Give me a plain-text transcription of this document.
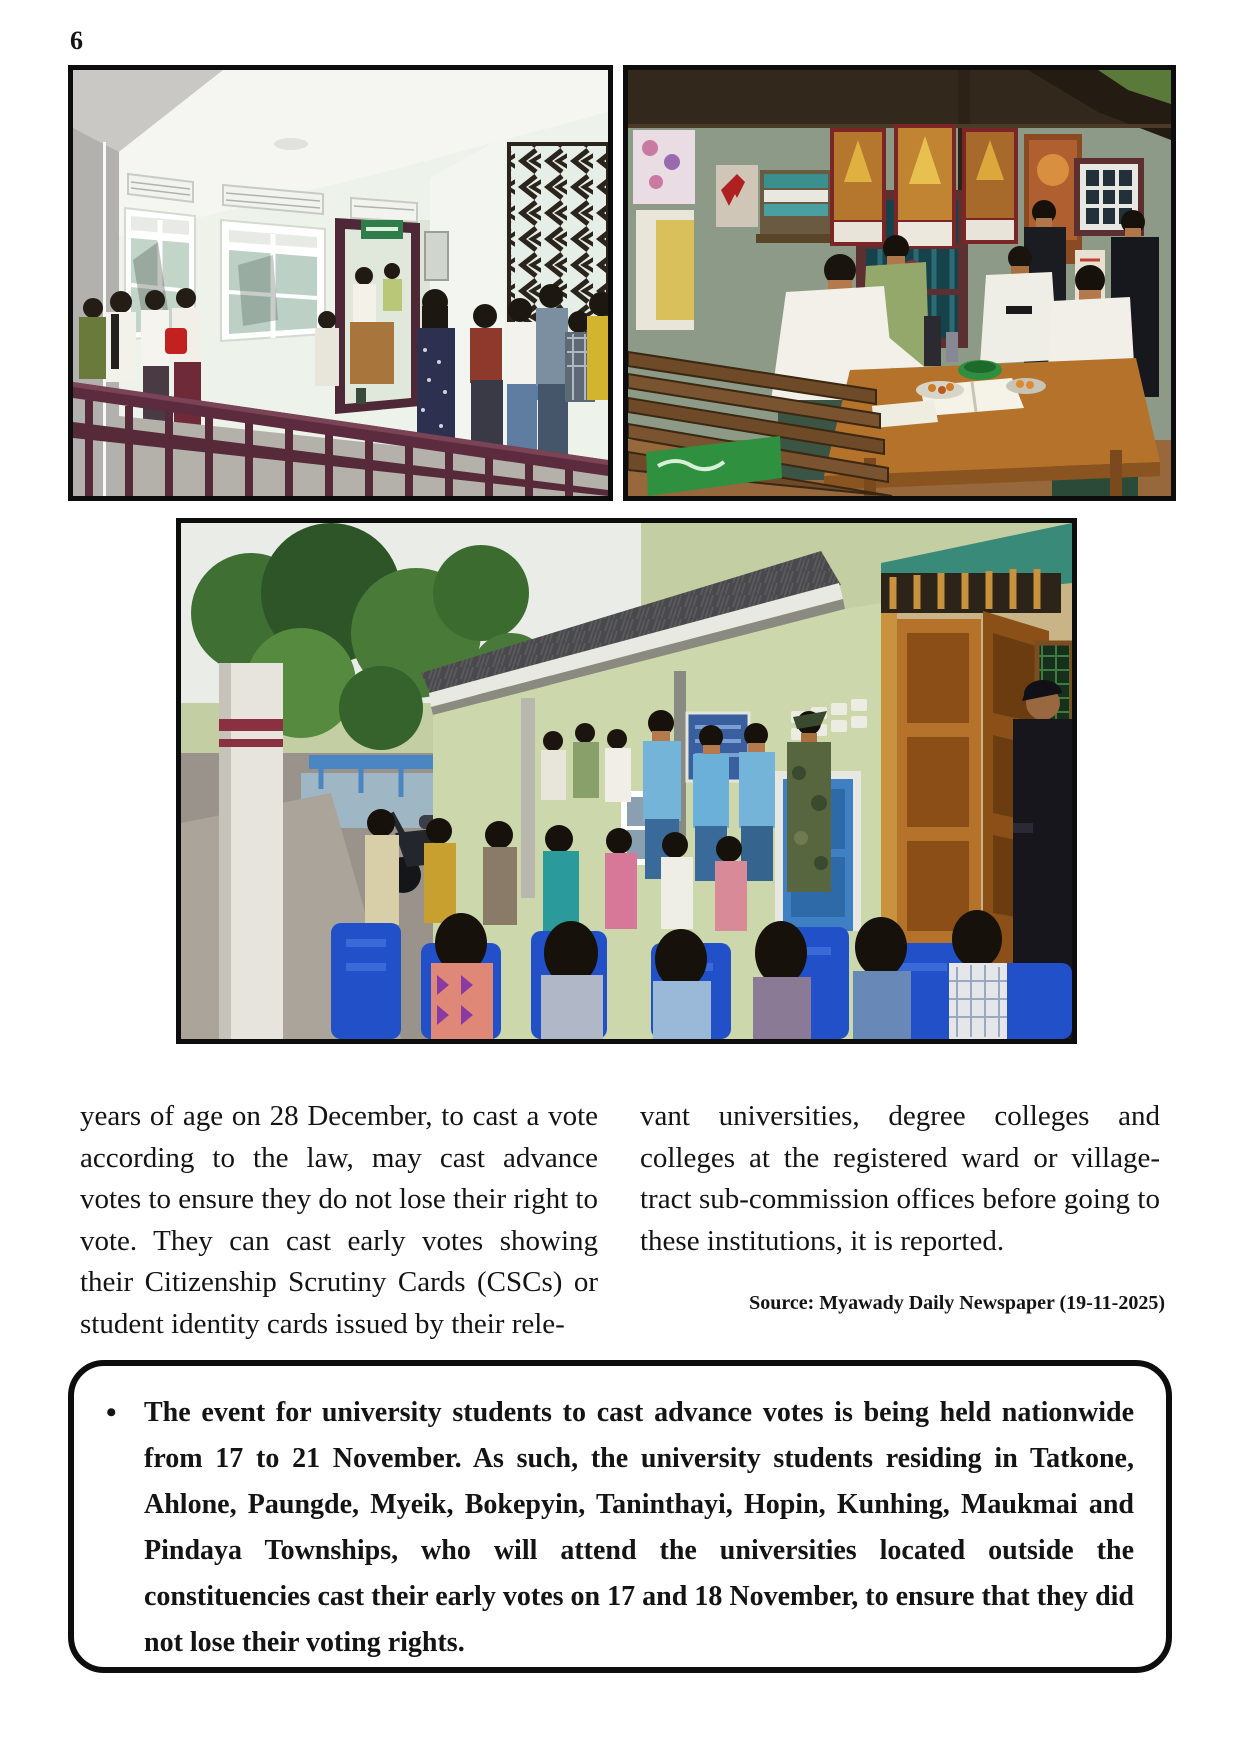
6
years of age on 28 December, to cast a vote according to the law, may cast advance votes to ensure they do not lose their right to vote. They can cast early votes showing their Citizenship Scrutiny Cards (CSCs) or student identity cards issued by their rele-
vant universities, degree colleges and colleges at the registered ward or village-tract sub-commission offices before going to these institutions, it is reported.
Source: Myawady Daily Newspaper (19-11-2025)
• The event for university students to cast advance votes is being held nationwide from 17 to 21 November. As such, the university students residing in Tatkone, Ahlone, Paungde, Myeik, Bokepyin, Taninthayi, Hopin, Kunhing, Maukmai and Pindaya Townships, who will attend the universities located outside the constituencies cast their early votes on 17 and 18 November, to ensure that they did not lose their voting rights.
